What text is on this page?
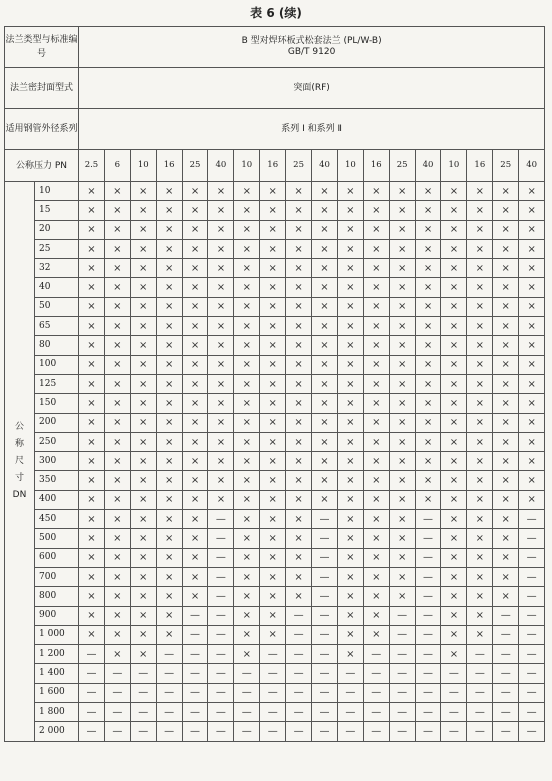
表 6 (续)
法兰类型与标准编号		B 型对焊环板式松套法兰 (PL/W-B)
GB/T 9120																	

法兰密封面型式		突面(RF)																	
适用钢管外径系列		系列 Ⅰ 和系列 Ⅱ																	
公称压力 PN		2.5	6	10	16	25	40	10	16	25	40	10	16	25	40	10	16	25	40

公
称
尺
寸
DN	10	×	×	×	×	×	×	×	×	×	×	×	×	×	×	×	×	×	×
	15	×	×	×	×	×	×	×	×	×	×	×	×	×	×	×	×	×	×
	20	×	×	×	×	×	×	×	×	×	×	×	×	×	×	×	×	×	×
	25	×	×	×	×	×	×	×	×	×	×	×	×	×	×	×	×	×	×
	32	×	×	×	×	×	×	×	×	×	×	×	×	×	×	×	×	×	×
	40	×	×	×	×	×	×	×	×	×	×	×	×	×	×	×	×	×	×
	50	×	×	×	×	×	×	×	×	×	×	×	×	×	×	×	×	×	×
	65	×	×	×	×	×	×	×	×	×	×	×	×	×	×	×	×	×	×
	80	×	×	×	×	×	×	×	×	×	×	×	×	×	×	×	×	×	×
	100	×	×	×	×	×	×	×	×	×	×	×	×	×	×	×	×	×	×
	125	×	×	×	×	×	×	×	×	×	×	×	×	×	×	×	×	×	×
	150	×	×	×	×	×	×	×	×	×	×	×	×	×	×	×	×	×	×
	200	×	×	×	×	×	×	×	×	×	×	×	×	×	×	×	×	×	×
	250	×	×	×	×	×	×	×	×	×	×	×	×	×	×	×	×	×	×
	300	×	×	×	×	×	×	×	×	×	×	×	×	×	×	×	×	×	×
	350	×	×	×	×	×	×	×	×	×	×	×	×	×	×	×	×	×	×
	400	×	×	×	×	×	×	×	×	×	×	×	×	×	×	×	×	×	×
	450	×	×	×	×	×	—	×	×	×	—	×	×	×	—	×	×	×	—
	500	×	×	×	×	×	—	×	×	×	—	×	×	×	—	×	×	×	—
	600	×	×	×	×	×	—	×	×	×	—	×	×	×	—	×	×	×	—
	700	×	×	×	×	×	—	×	×	×	—	×	×	×	—	×	×	×	—
	800	×	×	×	×	×	—	×	×	×	—	×	×	×	—	×	×	×	—
	900	×	×	×	×	—	—	×	×	—	—	×	×	—	—	×	×	—	—
	1 000	×	×	×	×	—	—	×	×	—	—	×	×	—	—	×	×	—	—
	1 200	—	×	×	—	—	—	×	—	—	—	×	—	—	—	×	—	—	—
	1 400	—	—	—	—	—	—	—	—	—	—	—	—	—	—	—	—	—	—
	1 600	—	—	—	—	—	—	—	—	—	—	—	—	—	—	—	—	—	—
	1 800	—	—	—	—	—	—	—	—	—	—	—	—	—	—	—	—	—	—
	2 000	—	—	—	—	—	—	—	—	—	—	—	—	—	—	—	—	—	—
